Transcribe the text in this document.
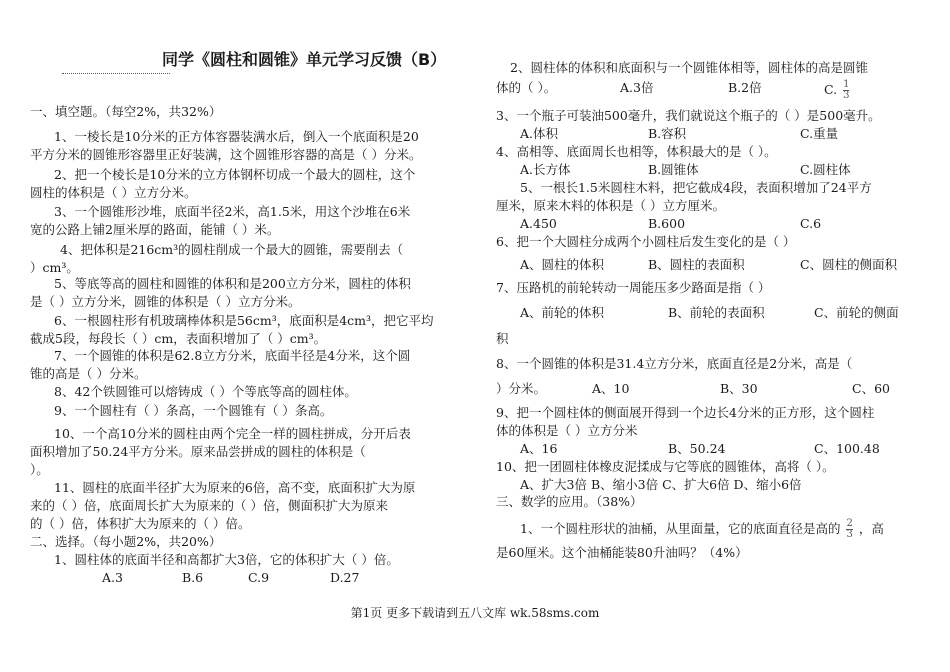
同学《圆柱和圆锥》单元学习反馈（B）
一、填空题。（每空2%，共32%）
1、一棱长是10分米的正方体容器装满水后，倒入一个底面积是20
平方分米的圆锥形容器里正好装满，这个圆锥形容器的高是（ ）分米。
2、把一个棱长是10分米的立方体钢杯切成一个最大的圆柱，这个
圆柱的体积是（ ）立方分米。
3、一个圆锥形沙堆，底面半径2米，高1.5米，用这个沙堆在6米
宽的公路上铺2厘米厚的路面，能铺（ ）米。
4、把体积是216cm³的圆柱削成一个最大的圆锥，需要削去（
）cm³。
5、等底等高的圆柱和圆锥的体积和是200立方分米，圆柱的体积
是（ ）立方分米，圆锥的体积是（ ）立方分米。
6、一根圆柱形有机玻璃棒体积是56cm³，底面积是4cm³，把它平均
截成5段，每段长（ ）cm，表面积增加了（ ）cm³。
7、一个圆锥的体积是62.8立方分米，底面半径是4分米，这个圆
锥的高是（ ）分米。
8、42个铁圆锥可以熔铸成（ ）个等底等高的圆柱体。
9、一个圆柱有（ ）条高，一个圆锥有（ ）条高。
10、一个高10分米的圆柱由两个完全一样的圆柱拼成，分开后表
面积增加了50.24平方分米。原来品尝拼成的圆柱的体积是（
）。
11、圆柱的底面半径扩大为原来的6倍，高不变，底面积扩大为原
来的（ ）倍，底面周长扩大为原来的（ ）倍，侧面积扩大为原来
的（ ）倍，体积扩大为原来的（ ）倍。
二、选择。（每小题2%，共20%）
1、圆柱体的底面半径和高都扩大3倍，它的体积扩大（ ）倍。
A.3	B.6	C.9	D.27
2、圆柱体的体积和底面积与一个圆锥体相等，圆柱体的高是圆锥
体的（ ）。	A.3倍	B.2倍	C. $\frac{1}{3}$
3、一个瓶子可装油500毫升，我们就说这个瓶子的（ ）是500毫升。
A.体积	B.容积	C.重量
4、高相等、底面周长也相等，体积最大的是（ ）。
A.长方体	B.圆锥体	C.圆柱体
5、一根长1.5米圆柱木料，把它截成4段，表面积增加了24平方
厘米，原来木料的体积是（ ）立方厘米。
A.450	B.600	C.6
6、把一个大圆柱分成两个小圆柱后发生变化的是（ ）
A、圆柱的体积	B、圆柱的表面积	C、圆柱的侧面积
7、压路机的前轮转动一周能压多少路面是指（ ）
A、前轮的体积	B、前轮的表面积	C、前轮的侧面
积
8、一个圆锥的体积是31.4立方分米，底面直径是2分米，高是（
）分米。	A、10	B、30	C、60
9、把一个圆柱体的侧面展开得到一个边长4分米的正方形，这个圆柱
体的体积是（ ）立方分米
A、16	B、50.24	C、100.48
10、把一团圆柱体橡皮泥揉成与它等底的圆锥体，高将（ ）。
A、扩大3倍 B、缩小3倍 C、扩大6倍 D、缩小6倍
三、数学的应用。（38%）
1、一个圆柱形状的油桶，从里面量，它的底面直径是高的 $\frac{2}{3}$ ，高
是60厘米。这个油桶能装80升油吗？（4%）
第1页 更多下载请到五八文库 wk.58sms.com
